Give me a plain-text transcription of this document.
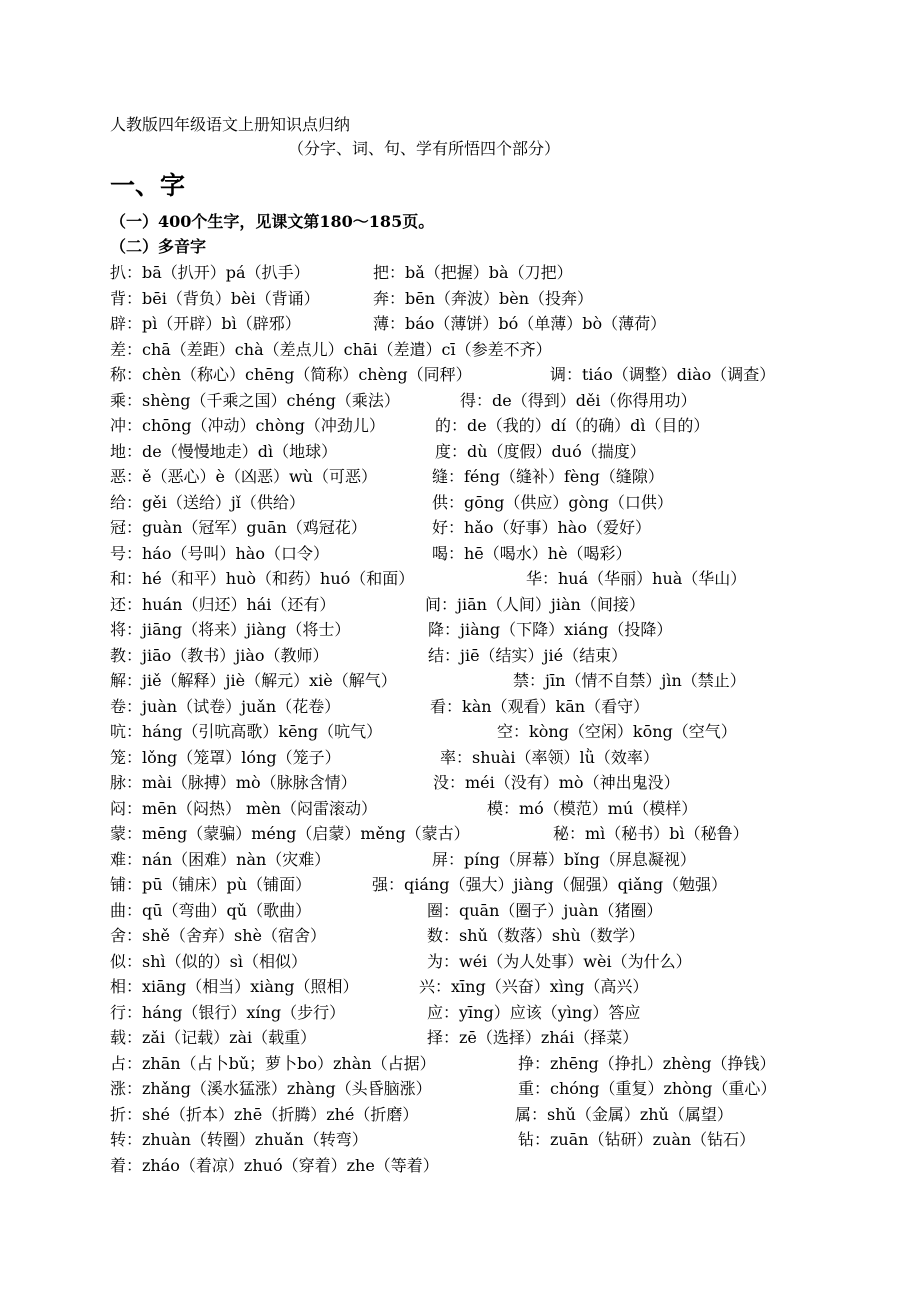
人教版四年级语文上册知识点归纳
（分字、词、句、学有所悟四个部分）
一、字
（一）400个生字，见课文第180～185页。
（二）多音字
扒：bā（扒开）pá（扒手）	把：bǎ（把握）bà（刀把）
背：bēi（背负）bèi（背诵）	奔：bēn（奔波）bèn（投奔）
辟：pì（开辟）bì（辟邪）	薄：báo（薄饼）bó（单薄）bò（薄荷）
差：chā（差距）chà（差点儿）chāi（差遣）cī（参差不齐）
称：chèn（称心）chēng（简称）chèng（同秤）	调：tiáo（调整）diào（调查）
乘：shèng（千乘之国）chéng（乘法）	得：de（得到）děi（你得用功）
冲：chōng（冲动）chòng（冲劲儿）	的：de（我的）dí（的确）dì（目的）
地：de（慢慢地走）dì（地球）	度：dù（度假）duó（揣度）
恶：ě（恶心）è（凶恶）wù（可恶）	缝：féng（缝补）fèng（缝隙）
给：gěi（送给）jǐ（供给）	供：gōng（供应）gòng（口供）
冠：guàn（冠军）guān（鸡冠花）	好：hǎo（好事）hào（爱好）
号：háo（号叫）hào（口令）	喝：hē（喝水）hè（喝彩）
和：hé（和平）huò（和药）huó（和面）	华：huá（华丽）huà（华山）
还：huán（归还）hái（还有）	间：jiān（人间）jiàn（间接）
将：jiāng（将来）jiàng（将士）	降：jiàng（下降）xiáng（投降）
教：jiāo（教书）jiào（教师）	结：jiē（结实）jié（结束）
解：jiě（解释）jiè（解元）xiè（解气）	禁：jīn（情不自禁）jìn（禁止）
卷：juàn（试卷）juǎn（花卷）	看：kàn（观看）kān（看守）
吭：háng（引吭高歌）kēng（吭气）	空：kòng（空闲）kōng（空气）
笼：lǒng（笼罩）lóng（笼子）	率：shuài（率领）lǜ（效率）
脉：mài（脉搏）mò（脉脉含情）	没：méi（没有）mò（神出鬼没）
闷：mēn（闷热） mèn（闷雷滚动）	模：mó（模范）mú（模样）
蒙：mēng（蒙骗）méng（启蒙）měng（蒙古）	秘：mì（秘书）bì（秘鲁）
难：nán（困难）nàn（灾难）	屏：píng（屏幕）bǐng（屏息凝视）
铺：pū（铺床）pù（铺面）	强：qiáng（强大）jiàng（倔强）qiǎng（勉强）
曲：qū（弯曲）qǔ（歌曲）	圈：quān（圈子）juàn（猪圈）
舍：shě（舍弃）shè（宿舍）	数：shǔ（数落）shù（数学）
似：shì（似的）sì（相似）	为：wéi（为人处事）wèi（为什么）
相：xiāng（相当）xiàng（照相）	兴：xīng（兴奋）xìng（高兴）
行：háng（银行）xíng（步行）	应：yīng）应该（yìng）答应
载：zǎi（记载）zài（载重）	择：zē（选择）zhái（择菜）
占：zhān（占卜bǔ；萝卜bo）zhàn（占据）	挣：zhēng（挣扎）zhèng（挣钱）
涨：zhǎng（溪水猛涨）zhàng（头昏脑涨）	重：chóng（重复）zhòng（重心）
折：shé（折本）zhē（折腾）zhé（折磨）	属：shǔ（金属）zhǔ（属望）
转：zhuàn（转圈）zhuǎn（转弯）	钻：zuān（钻研）zuàn（钻石）
着：zháo（着凉）zhuó（穿着）zhe（等着）
